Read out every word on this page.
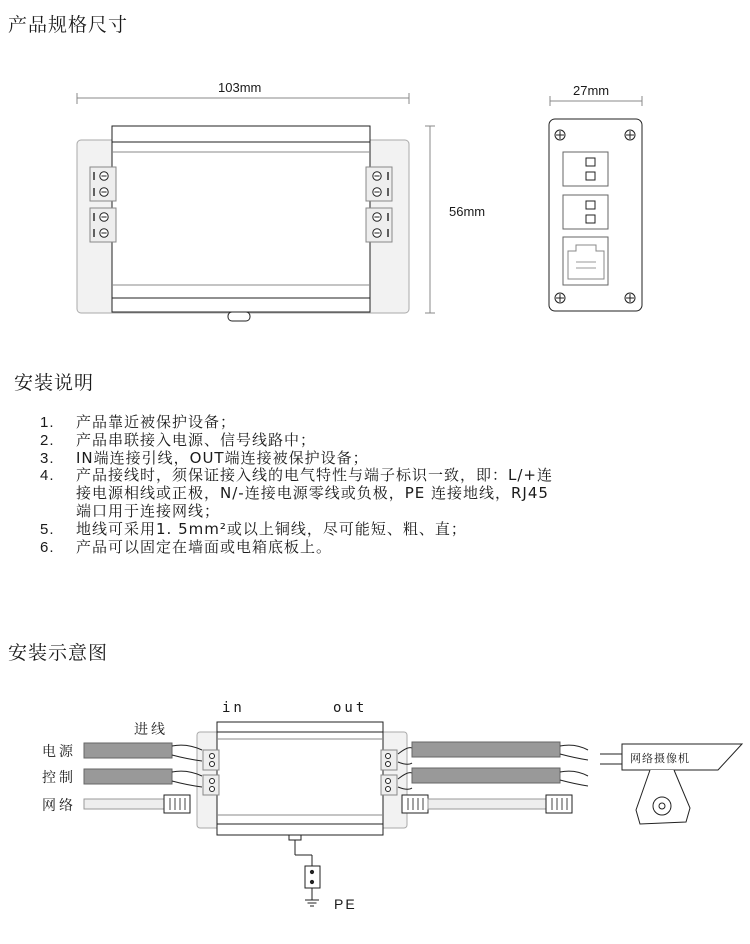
产品规格尺寸
安装说明
安装示意图
103mm	27mm
56mm
1.	产品靠近被保护设备；
2.	产品串联接入电源、信号线路中；
3.	IN端连接引线，OUT端连接被保护设备；
4.	产品接线时，须保证接入线的电气特性与端子标识一致，即：L/+连
接电源相线或正极，N/-连接电源零线或负极，PE 连接地线，RJ45
端口用于连接网线；
5.	地线可采用1. 5mm²或以上铜线，尽可能短、粗、直；
6.	产品可以固定在墙面或电箱底板上。
in	out
进线
电源
控制
网络
网络摄像机
PE
